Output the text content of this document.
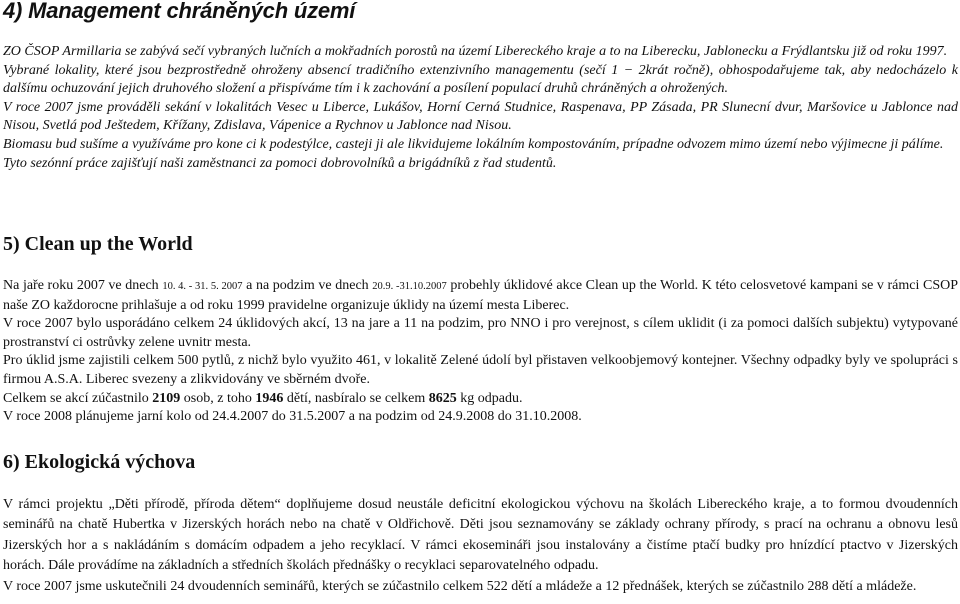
4) Management chráněných území

ZO ČSOP Armillaria se zabývá sečí vybraných lučních a mokřadních porostů na území Libereckého kraje a to na Liberecku, Jablonecku a Frýdlantsku již od roku 1997.

Vybrané lokality, které jsou bezprostředně ohroženy absencí tradičního extenzivního managementu (sečí 1 − 2krát ročně), obhospodařujeme tak, aby nedocházelo k dalšímu ochuzování jejich druhového složení a přispíváme tím i k zachování a posílení populací druhů chráněných a ohrožených.

V roce 2007 jsme prováděli sekání v lokalitách Vesec u Liberce, Lukášov, Horní Cerná Studnice, Raspenava, PP Zásada, PR Slunecní dvur, Maršovice u Jablonce nad Nisou, Svetlá pod Ještedem, Křížany, Zdislava, Vápenice a Rychnov u Jablonce nad Nisou.

Biomasu bud sušíme a využíváme pro kone ci k podestýlce, casteji ji ale likvidujeme lokálním kompostováním, prípadne odvozem mimo území nebo výjimecne ji pálíme.

Tyto sezónní práce zajišťují naši zaměstnanci za pomoci dobrovolníků a brigádníků z řad studentů.

5) Clean up the World

Na jaře roku 2007 ve dnech 10. 4. - 31. 5. 2007 a na podzim ve dnech 20.9. -31.10.2007 probehly úklidové akce Clean up the World. K této celosvetové kampani se v rámci CSOP naše ZO každorocne prihlašuje a od roku 1999 pravidelne organizuje úklidy na území mesta Liberec.

V roce 2007 bylo usporádáno celkem 24 úklidových akcí, 13 na jare a 11 na podzim, pro NNO i pro verejnost, s cílem uklidit (i za pomoci dalších subjektu) vytypované prostranství ci ostrůvky zelene uvnitr mesta.

Pro úklid jsme zajistili celkem 500 pytlů, z nichž bylo využito 461, v lokalitě Zelené údolí byl přistaven velkoobjemový kontejner. Všechny odpadky byly ve spolupráci s firmou A.S.A. Liberec svezeny a zlikvidovány ve sběrném dvoře.

Celkem se akcí zúčastnilo 2109 osob, z toho 1946 dětí, nasbíralo se celkem 8625 kg odpadu.

V roce 2008 plánujeme jarní kolo od 24.4.2007 do 31.5.2007 a na podzim od 24.9.2008 do 31.10.2008.

6) Ekologická výchova

V rámci projektu „Děti přírodě, příroda dětem“ doplňujeme dosud neustále deficitní ekologickou výchovu na školách Libereckého kraje, a to formou dvoudenních seminářů na chatě Hubertka v Jizerských horách nebo na chatě v Oldřichově. Děti jsou seznamovány se základy ochrany přírody, s prací na ochranu a obnovu lesů Jizerských hor a s nakládáním s domácím odpadem a jeho recyklací. V rámci ekosemináři jsou instalovány a čistíme ptačí budky pro hnízdící ptactvo v Jizerských horách. Dále provádíme na základních a středních školách přednášky o recyklaci separovatelného odpadu.

V roce 2007 jsme uskutečnili 24 dvoudenních seminářů, kterých se zúčastnilo celkem 522 dětí a mládeže a 12 přednášek, kterých se zúčastnilo 288 dětí a mládeže.
